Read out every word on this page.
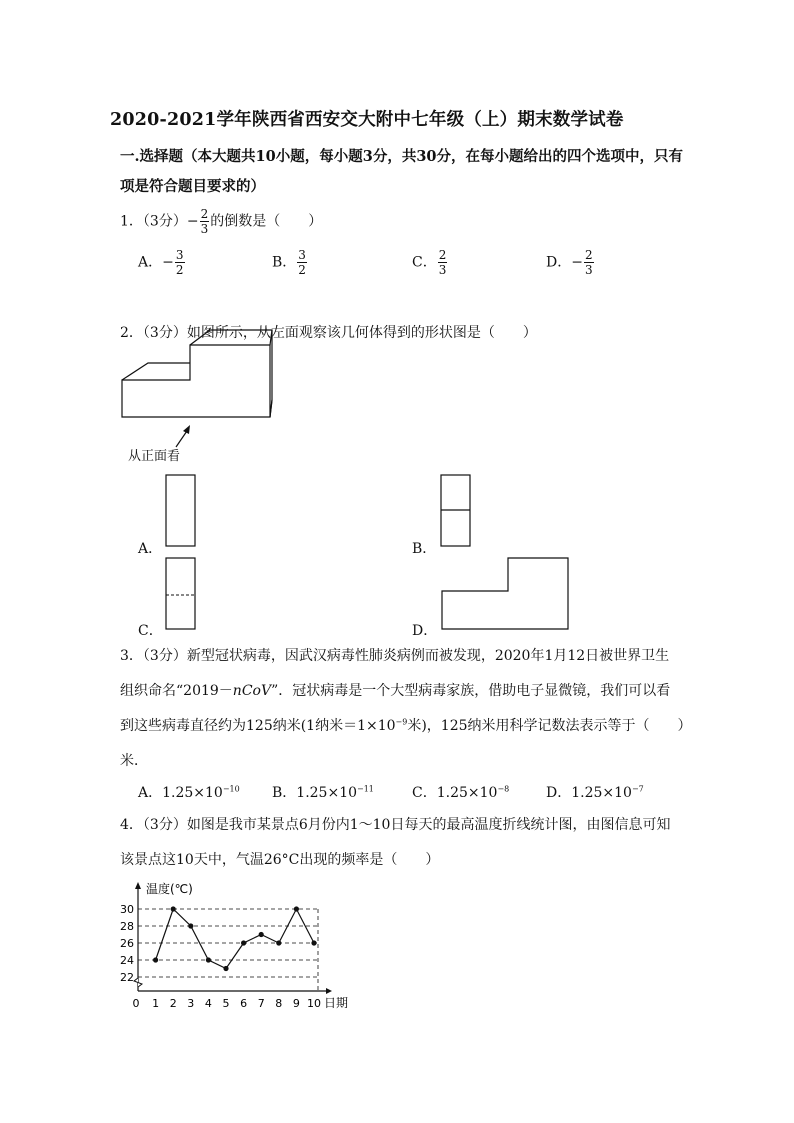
2020-2021学年陕西省西安交大附中七年级（上）期末数学试卷
一.选择题（本大题共10小题，每小题3分，共30分，在每小题给出的四个选项中，只有
项是符合题目要求的）
1．（3分）− $\frac{2}{3}$ 的倒数是（　　）
A．− $\frac{3}{2}$	B． $\frac{3}{2}$	C． $\frac{2}{3}$	D．− $\frac{2}{3}$
2．（3分）如图所示，从左面观察该几何体得到的形状图是（　　）
从正面看
A．	B．
C．	D．
3．（3分）新型冠状病毒，因武汉病毒性肺炎病例而被发现，2020年1月12日被世界卫生
组织命名“2019－nCoV”．冠状病毒是一个大型病毒家族，借助电子显微镜，我们可以看
到这些病毒直径约为125纳米(1纳米$=1\times 10^{-9}$米)，125纳米用科学记数法表示等于（　　）
米．
A．$1.25\times 10^{-10}$ B．$1.25\times 10^{-11}$	C．$1.25\times 10^{-8}$	D．$1.25\times 10^{-7}$
4．（3分）如图是我市某景点6月份内1～10日每天的最高温度折线统计图，由图信息可知
该景点这10天中，气温26°C出现的频率是（　　）
22
24
26
28
30
0 1 2 3 4 5 6 7 8 9 10
温度(℃)
日期
